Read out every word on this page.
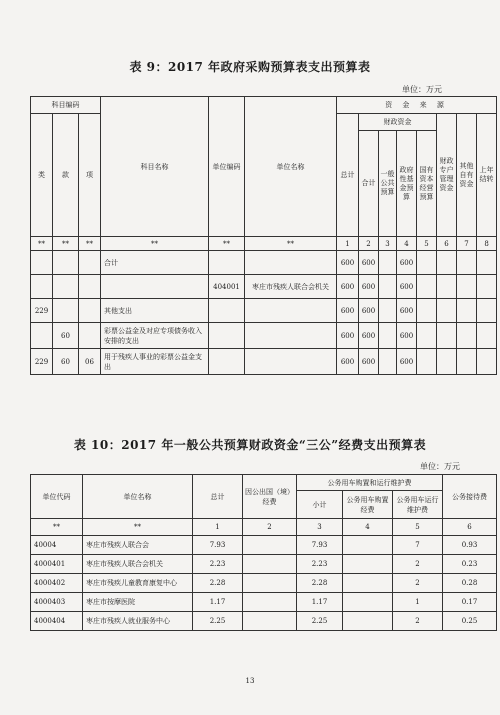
表 9：2017 年政府采购预算表支出预算表
单位：万元
科目编码			科目名称	单位编码	单位名称	资 金 来 源							
类	款	项				总计	财政资金				财政专户管理资金	其他自有资金	上年结转
							合计	一般公共预算	政府性基金预算	国有资本经营预算			
**	**	**	**	**	**	1	2	3	4	5	6	7	8
			合计			600	600		600				
				404001	枣庄市残疾人联合会机关	600	600		600				
229			其他支出			600	600		600				
	60		彩票公益金及对应专项债务收入安排的支出			600	600		600				
229	60	06	用于残疾人事业的彩票公益金支出			600	600		600				
表 10：2017 年一般公共预算财政资金“三公”经费支出预算表
单位：万元
单位代码	单位名称	总计	因公出国（境）经费	公务用车购置和运行维护费			公务接待费
				小计	公务用车购置经费	公务用车运行维护费	
**	**	1	2	3	4	5	6
40004	枣庄市残疾人联合会	7.93		7.93		7	0.93
4000401	枣庄市残疾人联合会机关	2.23		2.23		2	0.23
4000402	枣庄市残疾儿童教育康复中心	2.28		2.28		2	0.28
4000403	枣庄市按摩医院	1.17		1.17		1	0.17
4000404	枣庄市残疾人就业服务中心	2.25		2.25		2	0.25
13
